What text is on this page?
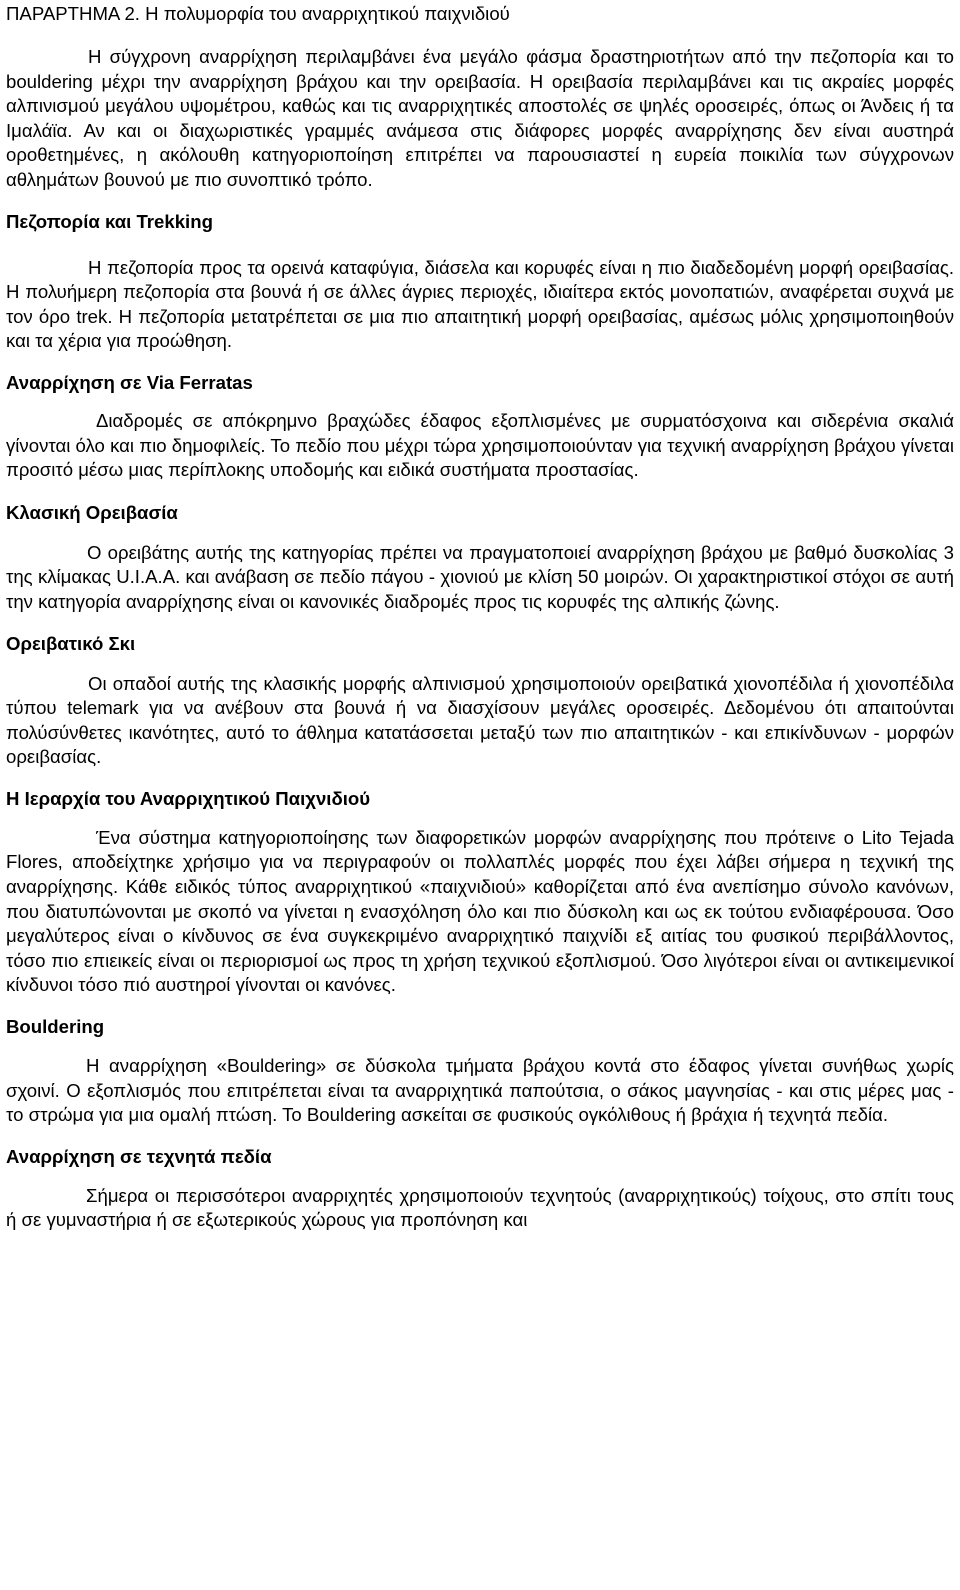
ΠΑΡΑΡΤΗΜΑ 2. Η πολυμορφία του αναρριχητικού παιχνιδιού

Η σύγχρονη αναρρίχηση περιλαμβάνει ένα μεγάλο φάσμα δραστηριοτήτων από την πεζοπορία και το bouldering μέχρι την αναρρίχηση βράχου και την ορειβασία. Η ορειβασία περιλαμβάνει και τις ακραίες μορφές αλπινισμού μεγάλου υψομέτρου, καθώς και τις αναρριχητικές αποστολές σε ψηλές οροσειρές, όπως οι Άνδεις ή τα Ιμαλάϊα. Αν και οι διαχωριστικές γραμμές ανάμεσα στις διάφορες μορφές αναρρίχησης δεν είναι αυστηρά οροθετημένες, η ακόλουθη κατηγοριοποίηση επιτρέπει να παρουσιαστεί η ευρεία ποικιλία των σύγχρονων αθλημάτων βουνού με πιο συνοπτικό τρόπο.

Πεζοπορία και Trekking

Η πεζοπορία προς τα ορεινά καταφύγια, διάσελα και κορυφές είναι η πιο διαδεδομένη μορφή ορειβασίας. Η πολυήμερη πεζοπορία στα βουνά ή σε άλλες άγριες περιοχές, ιδιαίτερα εκτός μονοπατιών, αναφέρεται συχνά με τον όρο trek. Η πεζοπορία μετατρέπεται σε μια πιο απαιτητική μορφή ορειβασίας, αμέσως μόλις χρησιμοποιηθούν και τα χέρια για προώθηση.

Αναρρίχηση σε Via Ferratas

Διαδρομές σε απόκρημνο βραχώδες έδαφος εξοπλισμένες με συρματόσχοινα και σιδερένια σκαλιά γίνονται όλο και πιο δημοφιλείς. Το πεδίο που μέχρι τώρα χρησιμοποιούνταν για τεχνική αναρρίχηση βράχου γίνεται προσιτό μέσω μιας περίπλοκης υποδομής και ειδικά συστήματα προστασίας.

Κλασική Ορειβασία

Ο ορειβάτης αυτής της κατηγορίας πρέπει να πραγματοποιεί αναρρίχηση βράχου με βαθμό δυσκολίας 3 της κλίμακας U.I.A.A. και ανάβαση σε πεδίο πάγου - χιονιού με κλίση 50 μοιρών. Οι χαρακτηριστικοί στόχοι σε αυτή την κατηγορία αναρρίχησης είναι οι κανονικές διαδρομές προς τις κορυφές της αλπικής ζώνης.

Ορειβατικό Σκι

Οι οπαδοί αυτής της κλασικής μορφής αλπινισμού χρησιμοποιούν ορειβατικά χιονοπέδιλα ή χιονοπέδιλα τύπου telemark για να ανέβουν στα βουνά ή να διασχίσουν μεγάλες οροσειρές. Δεδομένου ότι απαιτούνται πολύσύνθετες ικανότητες, αυτό το άθλημα κατατάσσεται μεταξύ των πιο απαιτητικών - και επικίνδυνων - μορφών ορειβασίας.

Η Ιεραρχία του Αναρριχητικού Παιχνιδιού

Ένα σύστημα κατηγοριοποίησης των διαφορετικών μορφών αναρρίχησης που πρότεινε ο Lito Tejada Flores, αποδείχτηκε χρήσιμο για να περιγραφούν οι πολλαπλές μορφές που έχει λάβει σήμερα η τεχνική της αναρρίχησης. Κάθε ειδικός τύπος αναρριχητικού «παιχνιδιού» καθορίζεται από ένα ανεπίσημο σύνολο κανόνων, που διατυπώνονται με σκοπό να γίνεται η ενασχόληση όλο και πιο δύσκολη και ως εκ τούτου ενδιαφέρουσα. Όσο μεγαλύτερος είναι ο κίνδυνος σε ένα συγκεκριμένο αναρριχητικό παιχνίδι εξ αιτίας του φυσικού περιβάλλοντος, τόσο πιο επιεικείς είναι οι περιορισμοί ως προς τη χρήση τεχνικού εξοπλισμού. Όσο λιγότεροι είναι οι αντικειμενικοί κίνδυνοι τόσο πιό αυστηροί γίνονται οι κανόνες.

Bouldering

Η αναρρίχηση «Bouldering» σε δύσκολα τμήματα βράχου κοντά στο έδαφος γίνεται συνήθως χωρίς σχοινί. Ο εξοπλισμός που επιτρέπεται είναι τα αναρριχητικά παπούτσια, ο σάκος μαγνησίας - και στις μέρες μας - το στρώμα για μια ομαλή πτώση. Το Bouldering ασκείται σε φυσικούς ογκόλιθους ή βράχια ή τεχνητά πεδία.

Αναρρίχηση σε τεχνητά πεδία

Σήμερα οι περισσότεροι αναρριχητές χρησιμοποιούν τεχνητούς (αναρριχητικούς) τοίχους, στο σπίτι τους ή σε γυμναστήρια ή σε εξωτερικούς χώρους για προπόνηση και
